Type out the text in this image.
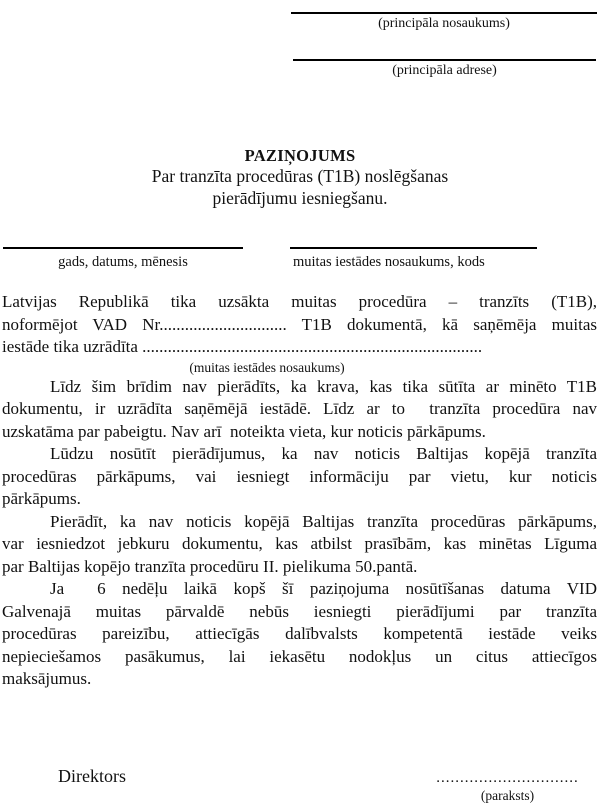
(principāla nosaukums)
(principāla adrese)
PAZIŅOJUMS
Par tranzīta procedūras (T1B) noslēgšanas
pierādījumu iesniegšanu.
gads, datums, mēnesis	muitas iestādes nosaukums, kods
Latvijas Republikā tika uzsākta muitas procedūra – tranzīts (T1B),
noformējot VAD Nr.............................. T1B dokumentā, kā saņēmēja muitas
iestāde tika uzrādīta ................................................................................
(muitas iestādes nosaukums)
Līdz šim brīdim nav pierādīts, ka krava, kas tika sūtīta ar minēto T1B
dokumentu, ir uzrādīta saņēmējā iestādē. Līdz ar to  tranzīta procedūra nav
uzskatāma par pabeigtu. Nav arī  noteikta vieta, kur noticis pārkāpums.
Lūdzu nosūtīt pierādījumus, ka nav noticis Baltijas kopējā tranzīta
procedūras pārkāpums, vai iesniegt informāciju par vietu, kur noticis
pārkāpums.
Pierādīt, ka nav noticis kopējā Baltijas tranzīta procedūras pārkāpums,
var iesniedzot jebkuru dokumentu, kas atbilst prasībām, kas minētas Līguma
par Baltijas kopējo tranzīta procedūru II. pielikuma 50.pantā.
Ja  6 nedēļu laikā kopš šī paziņojuma nosūtīšanas datuma VID
Galvenajā muitas pārvaldē nebūs iesniegti pierādījumi par tranzīta
procedūras pareizību, attiecīgās dalībvalsts kompetentā iestāde veiks
nepieciešamos pasākumus, lai iekasētu nodokļus un citus attiecīgos
maksājumus.
Direktors	..............................
(paraksts)
